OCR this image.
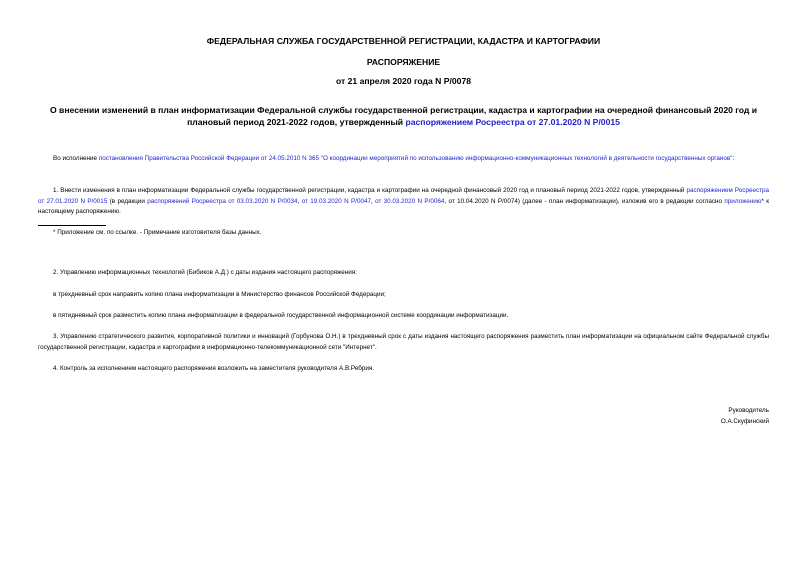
ФЕДЕРАЛЬНАЯ СЛУЖБА ГОСУДАРСТВЕННОЙ РЕГИСТРАЦИИ, КАДАСТРА И КАРТОГРАФИИ
РАСПОРЯЖЕНИЕ
от 21 апреля 2020 года N Р/0078
О внесении изменений в план информатизации Федеральной службы государственной регистрации, кадастра и картографии на очередной финансовый 2020 год и плановый период 2021-2022 годов, утвержденный распоряжением Росреестра от 27.01.2020 N Р/0015
Во исполнение постановления Правительства Российской Федерации от 24.05.2010 N 365 "О координации мероприятий по использованию информационно-коммуникационных технологий в деятельности государственных органов":
1. Внести изменения в план информатизации Федеральной службы государственной регистрации, кадастра и картографии на очередной финансовый 2020 год и плановый период 2021-2022 годов, утвержденный распоряжением Росреестра от 27.01.2020 N Р/0015 (в редакции распоряжений Росреестра от 03.03.2020 N Р/0034, от 19.03.2020 N Р/0047, от 30.03.2020 N Р/0064, от 10.04.2020 N Р/0074) (далее - план информатизации), изложив его в редакции согласно приложению* к настоящему распоряжению.
* Приложение см. по ссылке. - Примечание изготовителя базы данных.
2. Управлению информационных технологий (Бибиков А.Д.) с даты издания настоящего распоряжения:
в трехдневный срок направить копию плана информатизации в Министерство финансов Российской Федерации;
в пятидневный срок разместить копию плана информатизации в федеральной государственной информационной системе координации информатизации.
3. Управлению стратегического развития, корпоративной политики и инноваций (Горбунова О.Н.) в трехдневный срок с даты издания настоящего распоряжения разместить план информатизации на официальном сайте Федеральной службы государственной регистрации, кадастра и картографии в информационно-телекоммуникационной сети "Интернет".
4. Контроль за исполнением настоящего распоряжения возложить на заместителя руководителя А.В.Ребрия.
Руководитель
О.А.Скуфинский
